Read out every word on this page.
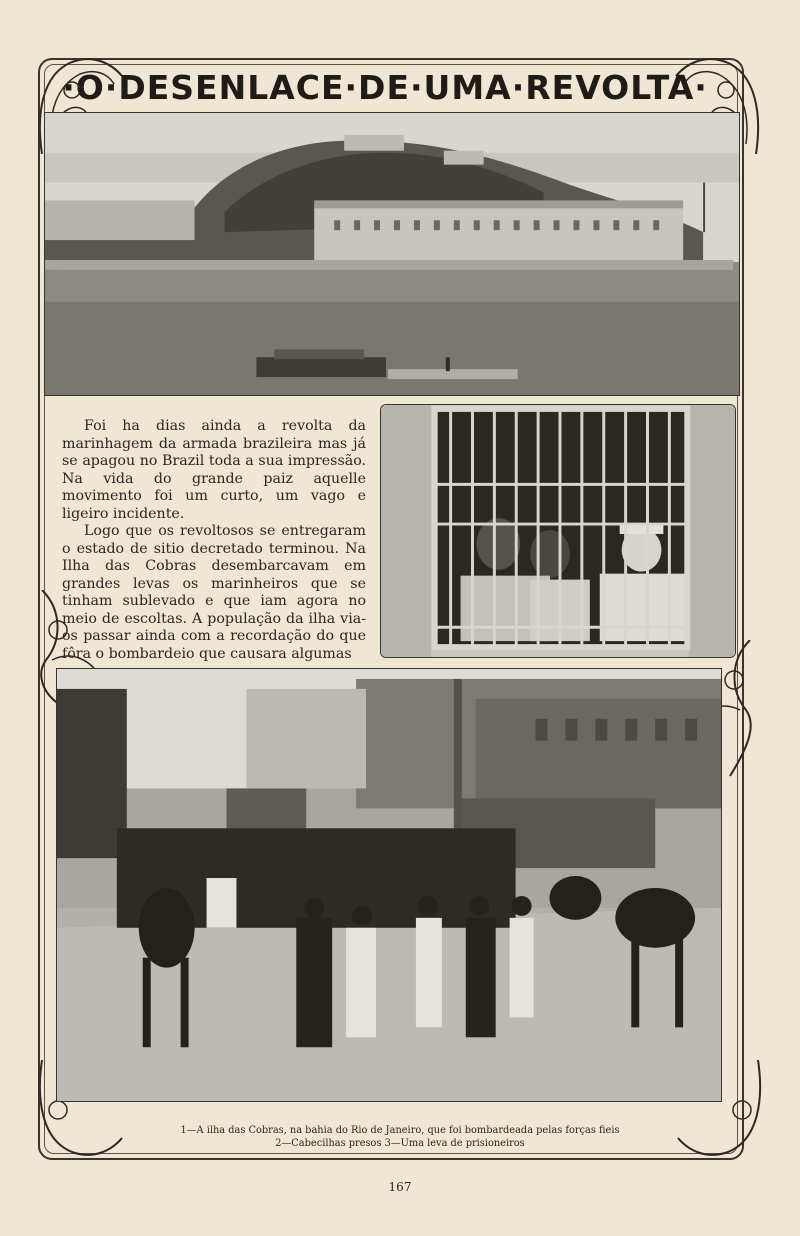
·O·DESENLACE·DE·UMA·REVOLTA·

Foi ha dias ainda a revolta da marinhagem da armada brazileira mas já se apagou no Brazil toda a sua impressão. Na vida do grande paiz aquelle movimento foi um curto, um vago e ligeiro incidente.

Logo que os revoltosos se entregaram o estado de sitio decretado terminou. Na Ilha das Cobras desembarcavam em grandes levas os marinheiros que se tinham sublevado e que iam agora no meio de escoltas. A população da ilha via-os passar ainda com a recordação do que fôra o bombardeio que causara algumas

1—A ilha das Cobras, na bahia do Rio de Janeiro, que foi bombardeada pelas forças fieis
2—Cabecilhas presos 3—Uma leva de prisioneiros
167
